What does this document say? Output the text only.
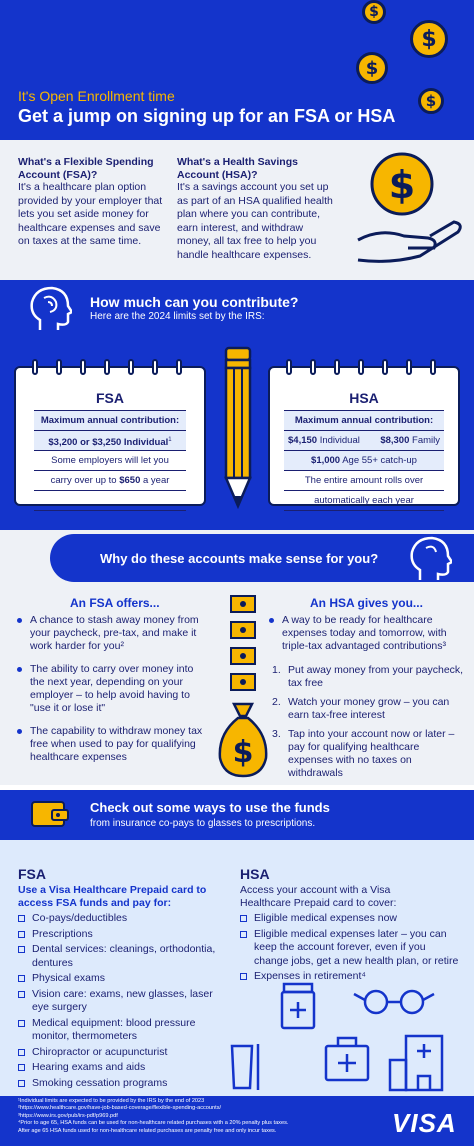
$
$
$
$
It's Open Enrollment time
Get a jump on signing up for an FSA or HSA
What's a Flexible Spending Account (FSA)?
It's a healthcare plan option provided by your employer that lets you set aside money for healthcare expenses and save on taxes at the same time.
What's a Health Savings Account (HSA)?
It's a savings account you set up as part of an HSA qualified health plan where you can contribute, earn interest, and withdraw money, all tax free to help you handle healthcare expenses.
$
How much can you contribute?
Here are the 2024 limits set by the IRS:
FSA
Maximum annual contribution:
$3,200 or $3,250 Individual$^1$
Some employers will let you
carry over up to $650 a year
HSA
Maximum annual contribution:
$4,150 Individual $8,300 Family
$1,000 Age 55+ catch-up
The entire amount rolls over
automatically each year
Why do these accounts make sense for you?
An FSA offers...
A chance to stash away money from your paycheck, pre-tax, and make it work harder for you²
The ability to carry over money into the next year, depending on your employer – to help avoid having to "use it or lose it"
The capability to withdraw money tax free when used to pay for qualifying healthcare expenses	$
An HSA gives you...
A way to be ready for healthcare expenses today and tomorrow, with triple-tax advantaged contributions³
1. Put away money from your paycheck, tax free
2. Watch your money grow – you can earn tax-free interest
3. Tap into your account now or later – pay for qualifying healthcare expenses with no taxes on withdrawals
Check out some ways to use the funds
from insurance co-pays to glasses to prescriptions.
FSA
Use a Visa Healthcare Prepaid card to access FSA funds and pay for:
Co-pays/deductibles
Prescriptions
Dental services: cleanings, orthodontia, dentures
Physical exams
Vision care: exams, new glasses, laser eye surgery
Medical equipment: blood pressure monitor, thermometers
Chiropractor or acupuncturist
Hearing exams and aids
Smoking cessation programs
HSA
Access your account with a Visa Healthcare Prepaid card to cover:
Eligible medical expenses now
Eligible medical expenses later – you can keep the account forever, even if you change jobs, get a new health plan, or retire
Expenses in retirement⁴
¹Individual limits are expected to be provided by the IRS by the end of 2023
²https://www.healthcare.gov/have-job-based-coverage/flexible-spending-accounts/
³https://www.irs.gov/pub/irs-pdf/p969.pdf
⁴Prior to age 65, HSA funds can be used for non-healthcare related purchases with a 20% penalty plus taxes.
After age 65 HSA funds used for non-healthcare related purchases are penalty free and only incur taxes.	VISA
